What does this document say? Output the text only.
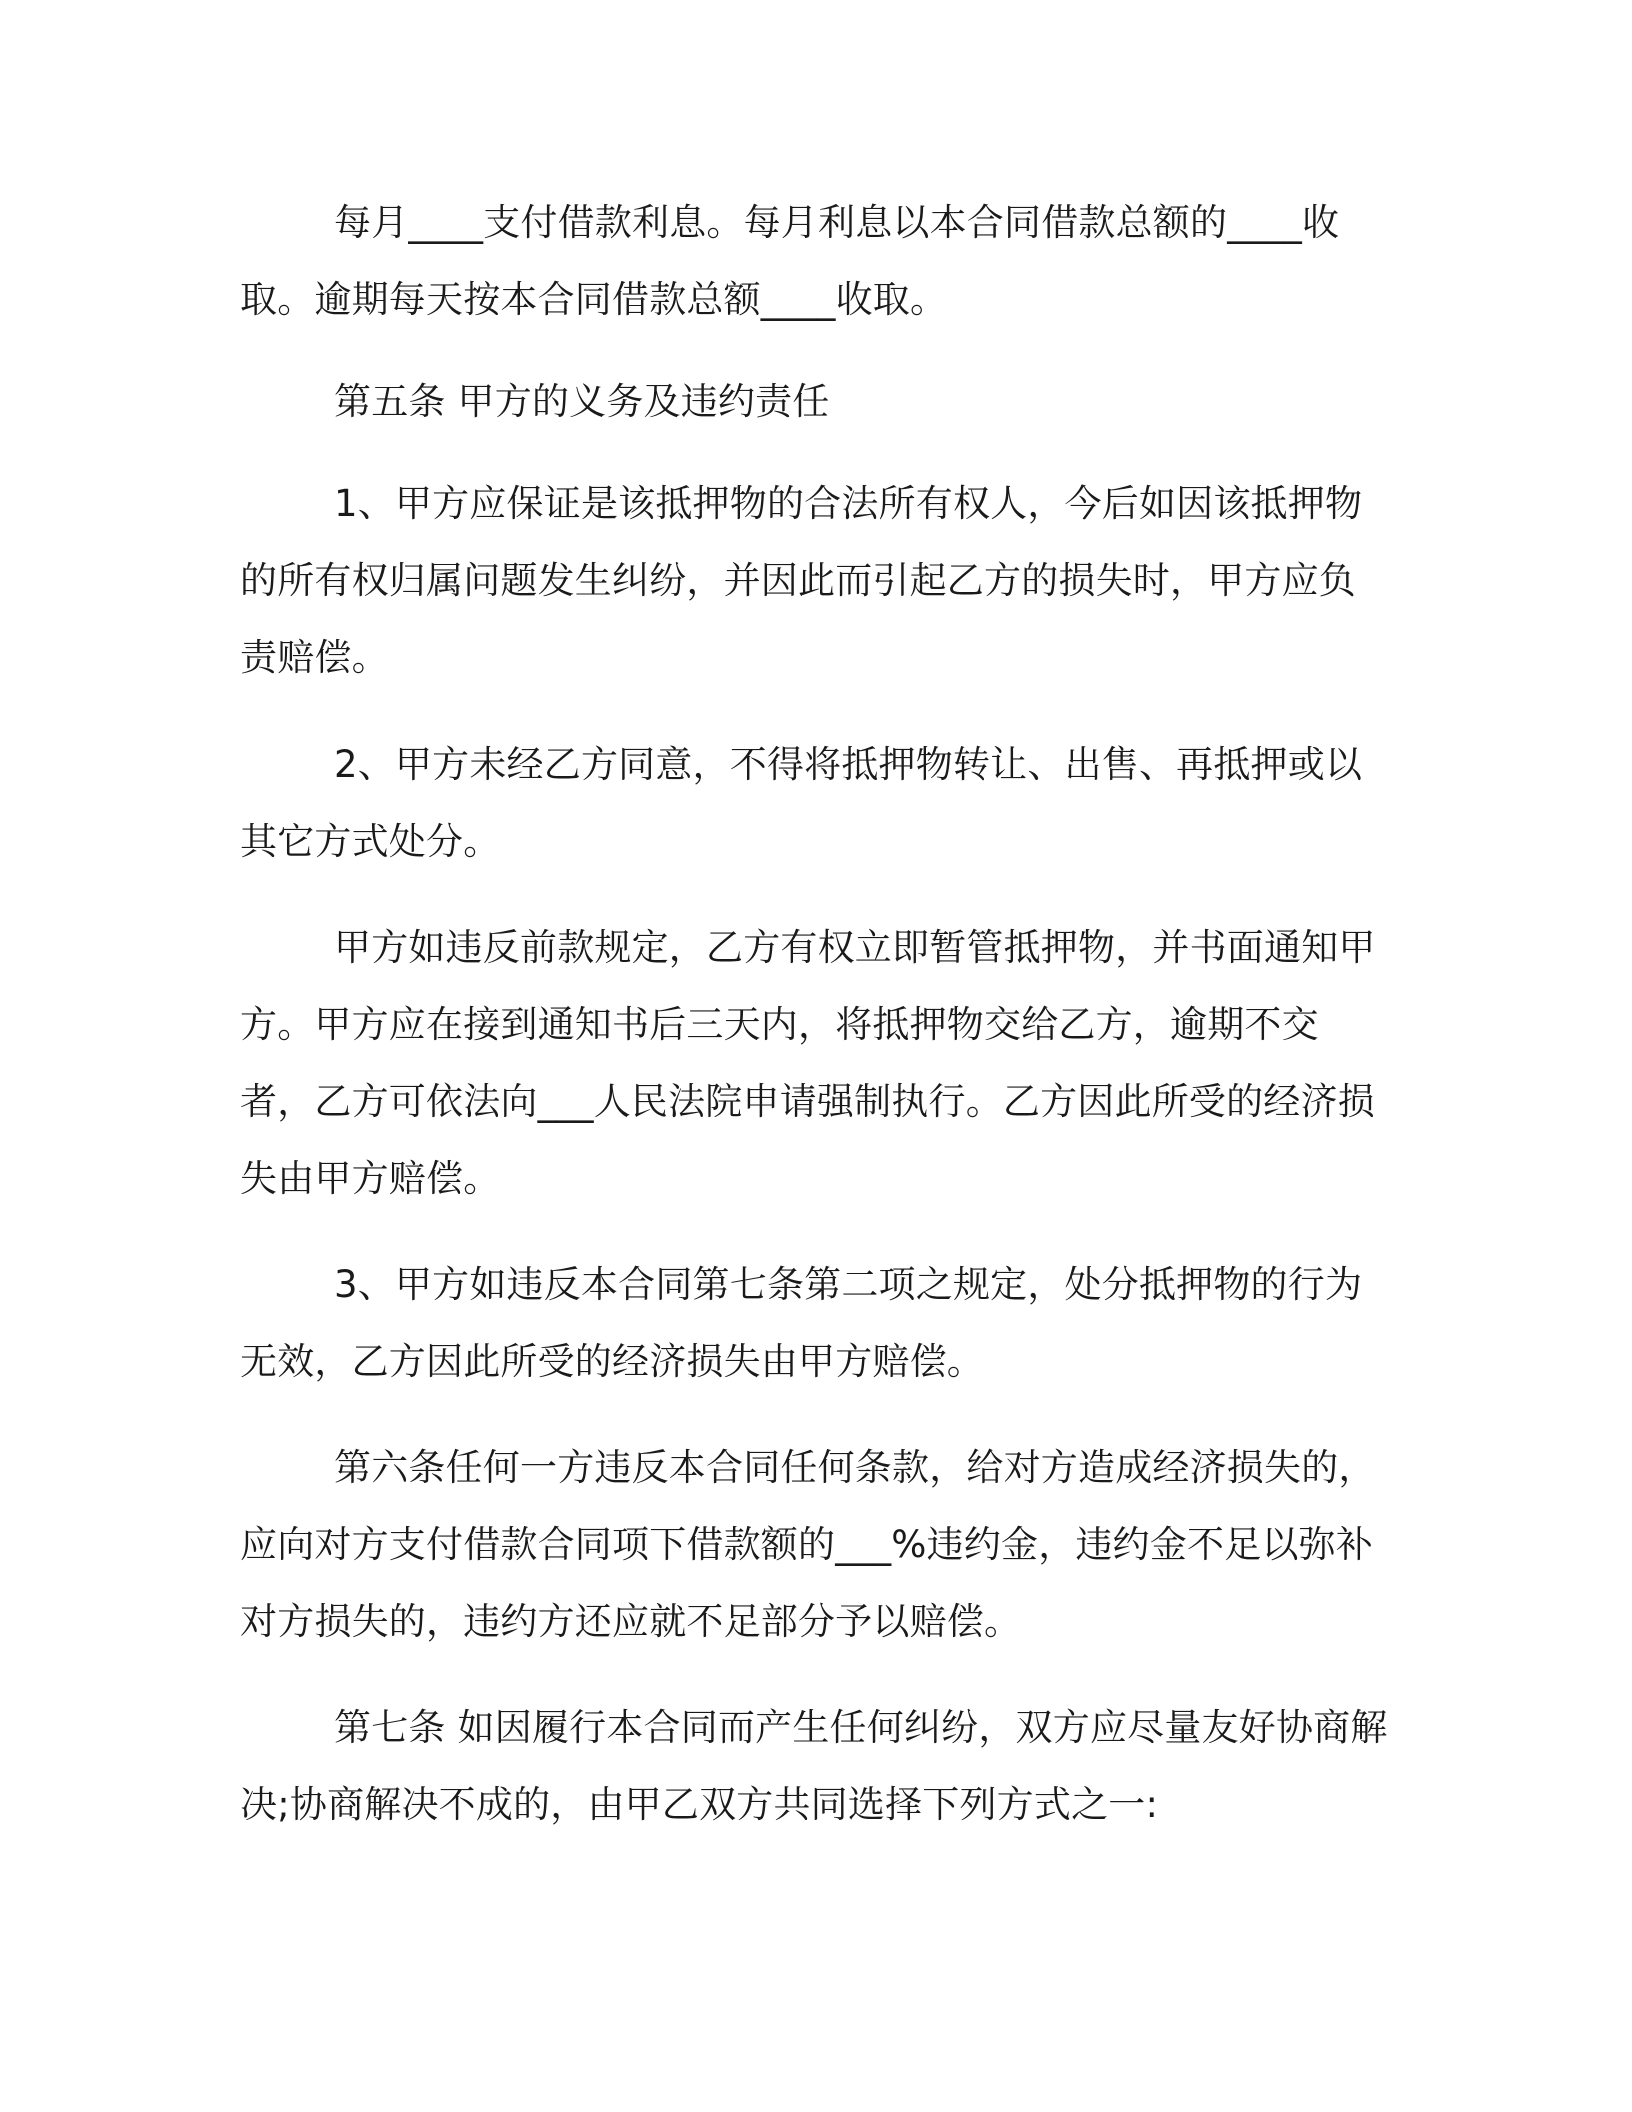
每月____支付借款利息。每月利息以本合同借款总额的____收取。逾期每天按本合同借款总额____收取。

第五条 甲方的义务及违约责任

1、甲方应保证是该抵押物的合法所有权人，今后如因该抵押物的所有权归属问题发生纠纷，并因此而引起乙方的损失时，甲方应负责赔偿。

2、甲方未经乙方同意，不得将抵押物转让、出售、再抵押或以其它方式处分。

甲方如违反前款规定，乙方有权立即暂管抵押物，并书面通知甲方。甲方应在接到通知书后三天内，将抵押物交给乙方，逾期不交者，乙方可依法向___人民法院申请强制执行。乙方因此所受的经济损失由甲方赔偿。

3、甲方如违反本合同第七条第二项之规定，处分抵押物的行为无效，乙方因此所受的经济损失由甲方赔偿。

第六条任何一方违反本合同任何条款，给对方造成经济损失的，应向对方支付借款合同项下借款额的___%违约金，违约金不足以弥补对方损失的，违约方还应就不足部分予以赔偿。

第七条 如因履行本合同而产生任何纠纷，双方应尽量友好协商解决;协商解决不成的，由甲乙双方共同选择下列方式之一:
